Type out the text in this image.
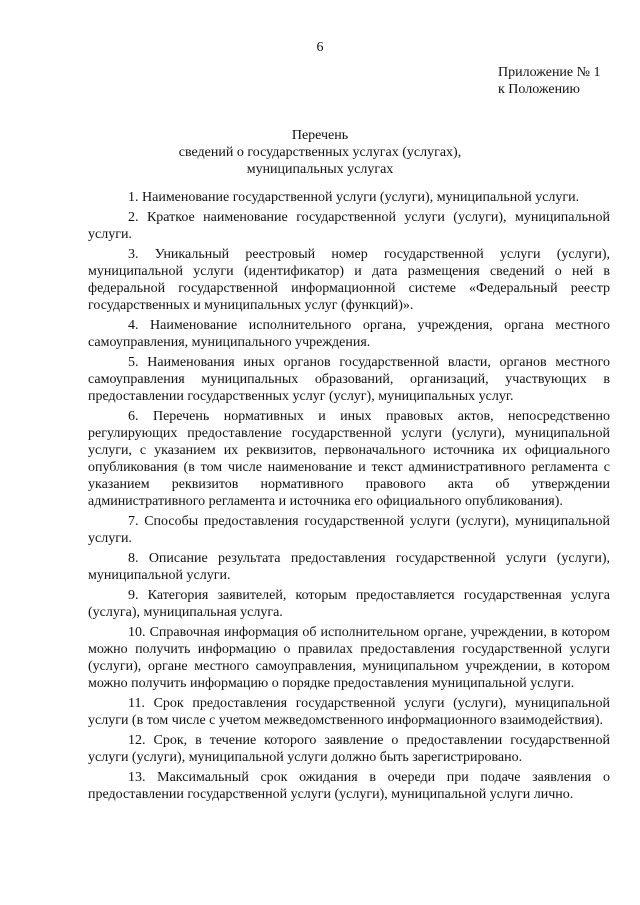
6
Приложение № 1
к Положению
Перечень
сведений о государственных услугах (услугах),
муниципальных услугах

1. Наименование государственной услуги (услуги), муниципальной услуги.

2. Краткое наименование государственной услуги (услуги), муниципальной услуги.

3. Уникальный реестровый номер государственной услуги (услуги), муниципальной услуги (идентификатор) и дата размещения сведений о ней в федеральной государственной информационной системе «Федеральный реестр государственных и муниципальных услуг (функций)».

4. Наименование исполнительного органа, учреждения, органа местного самоуправления, муниципального учреждения.

5. Наименования иных органов государственной власти, органов местного самоуправления муниципальных образований, организаций, участвующих в предоставлении государственных услуг (услуг), муниципальных услуг.

6. Перечень нормативных и иных правовых актов, непосредственно регулирующих предоставление государственной услуги (услуги), муниципальной услуги, с указанием их реквизитов, первоначального источника их официального опубликования (в том числе наименование и текст административного регламента с указанием реквизитов нормативного правового акта об утверждении административного регламента и источника его официального опубликования).

7. Способы предоставления государственной услуги (услуги), муниципальной услуги.

8. Описание результата предоставления государственной услуги (услуги), муниципальной услуги.

9. Категория заявителей, которым предоставляется государственная услуга (услуга), муниципальная услуга.

10. Справочная информация об исполнительном органе, учреждении, в котором можно получить информацию о правилах предоставления государственной услуги (услуги), органе местного самоуправления, муниципальном учреждении, в котором можно получить информацию о порядке предоставления муниципальной услуги.

11. Срок предоставления государственной услуги (услуги), муниципальной услуги (в том числе с учетом межведомственного информационного взаимодействия).

12. Срок, в течение которого заявление о предоставлении государственной услуги (услуги), муниципальной услуги должно быть зарегистрировано.

13. Максимальный срок ожидания в очереди при подаче заявления о предоставлении государственной услуги (услуги), муниципальной услуги лично.
